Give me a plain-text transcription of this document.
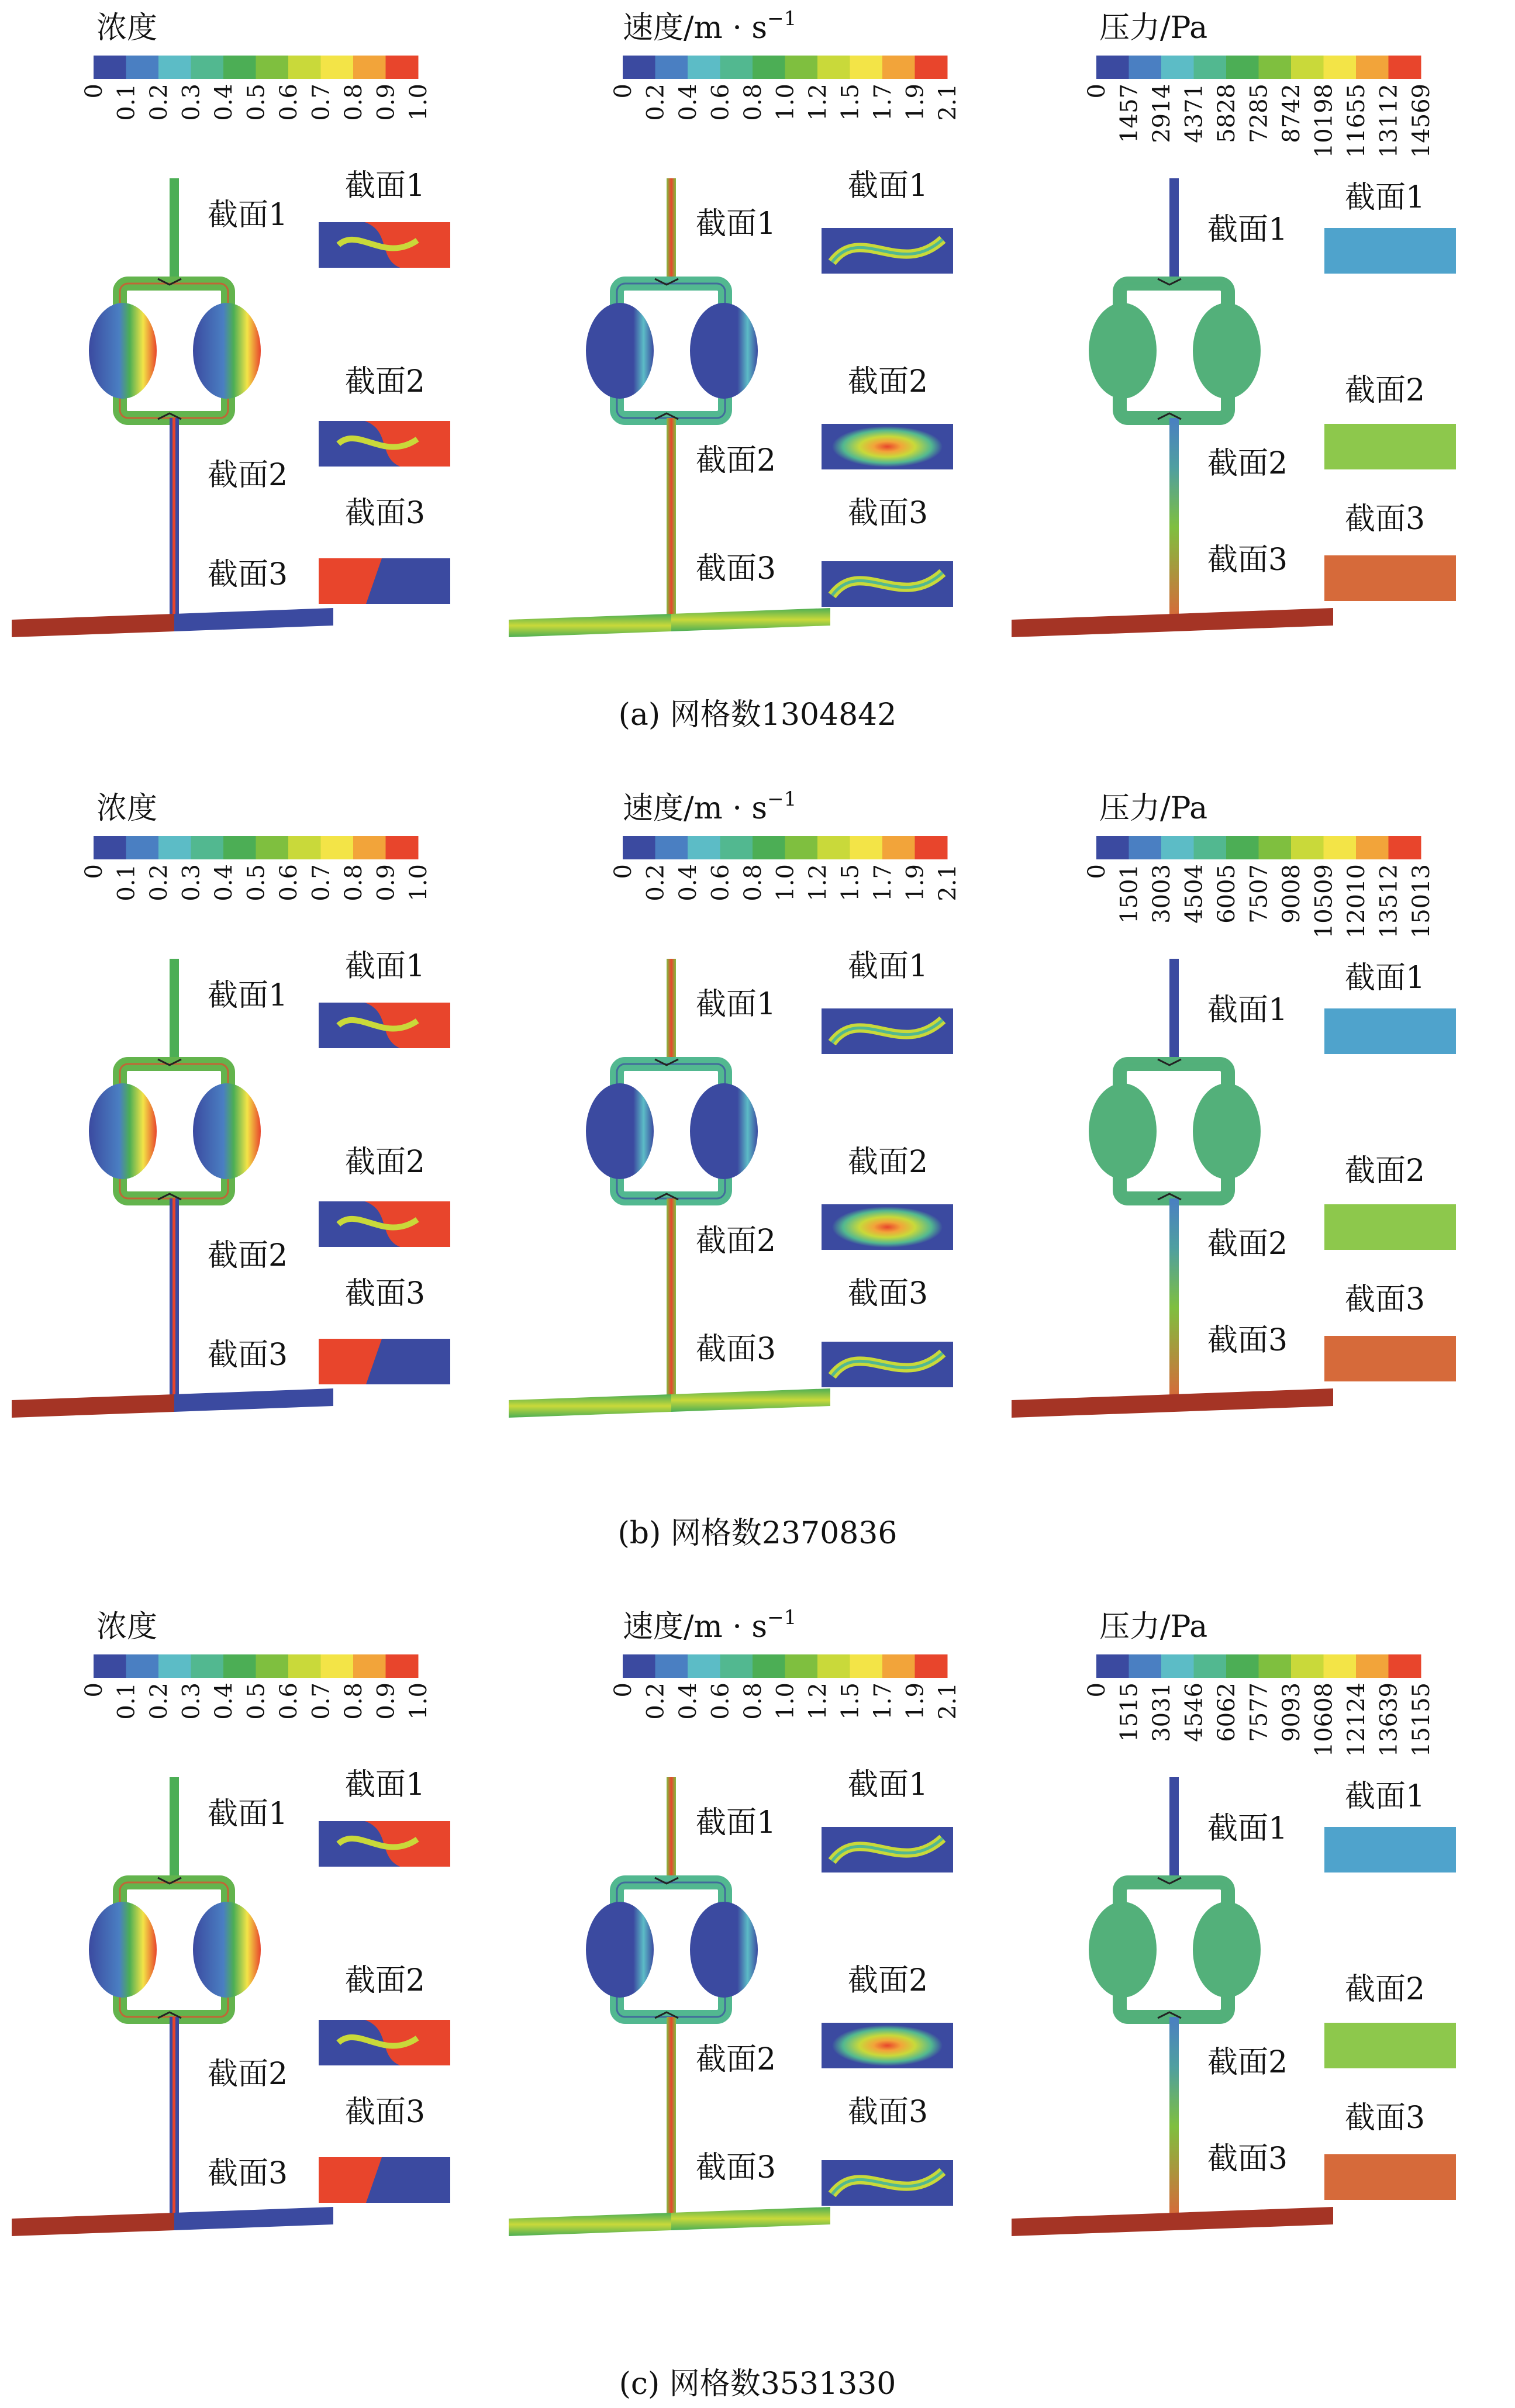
浓度
0 0.1 0.2 0.3 0.4 0.5 0.6 0.7 0.8 0.9 1.0
截面1
截面1
截面2
截面2
截面3
截面3
速度$/m \cdot s^{-1}$
0 0.2 0.4 0.6 0.8 1.0 1.2 1.5 1.7 1.9 2.1
截面1
截面1
截面2
截面2
截面3
截面3
压力/Pa
0 1457 2914 4371 5828 7285 8742 10198 11655 13112 14569
截面1
截面1
截面2
截面2
截面3
截面3
(a) 网格数1304842
浓度
0 0.1 0.2 0.3 0.4 0.5 0.6 0.7 0.8 0.9 1.0
截面1
截面1
截面2
截面2
截面3
截面3
速度$/m \cdot s^{-1}$
0 0.2 0.4 0.6 0.8 1.0 1.2 1.5 1.7 1.9 2.1
截面1
截面1
截面2
截面2
截面3
截面3
压力/Pa
0 1501 3003 4504 6005 7507 9008 10509 12010 13512 15013
截面1
截面1
截面2
截面2
截面3
截面3
(b) 网格数2370836
浓度
0 0.1 0.2 0.3 0.4 0.5 0.6 0.7 0.8 0.9 1.0
截面1
截面1
截面2
截面2
截面3
截面3
速度$/m \cdot s^{-1}$
0 0.2 0.4 0.6 0.8 1.0 1.2 1.5 1.7 1.9 2.1
截面1
截面1
截面2
截面2
截面3
截面3
压力/Pa
0 1515 3031 4546 6062 7577 9093 10608 12124 13639 15155
截面1
截面1
截面2
截面2
截面3
截面3
(c) 网格数3531330
